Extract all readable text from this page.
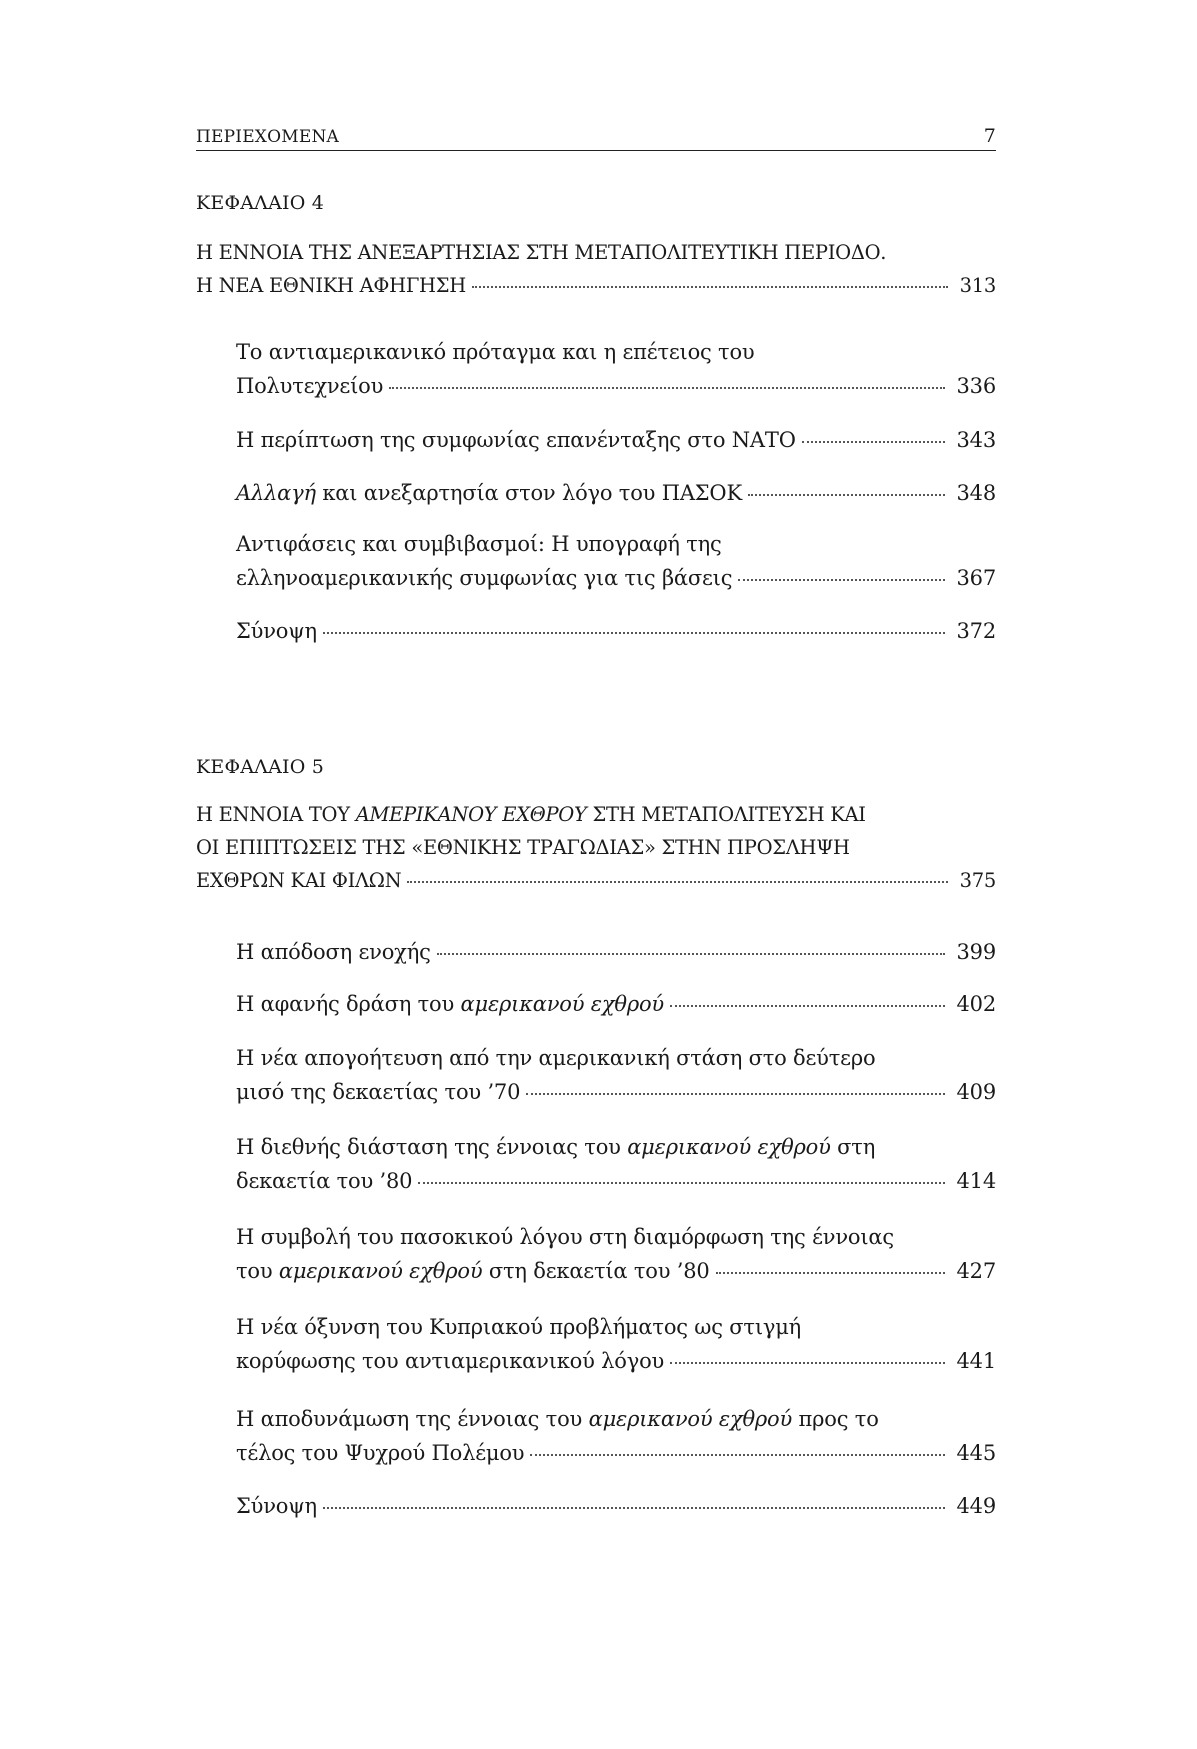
ΠΕΡΙΕΧΟΜΕΝΑ	7
ΚΕΦΑΛΑΙΟ 4
Η ΕΝΝΟΙΑ ΤΗΣ ΑΝΕΞΑΡΤΗΣΙΑΣ ΣΤΗ ΜΕΤΑΠΟΛΙΤΕΥΤΙΚΗ ΠΕΡΙΟΔΟ.
Η ΝΕΑ ΕΘΝΙΚΗ ΑΦΗΓΗΣΗ	313
Το αντιαμερικανικό πρόταγμα και η επέτειος του
Πολυτεχνείου	336
Η περίπτωση της συμφωνίας επανένταξης στο ΝΑΤΟ	343
Αλλαγή και ανεξαρτησία στον λόγο του ΠΑΣΟΚ	348
Αντιφάσεις και συμβιβασμοί: Η υπογραφή της
ελληνοαμερικανικής συμφωνίας για τις βάσεις	367
Σύνοψη	372
ΚΕΦΑΛΑΙΟ 5
Η ΕΝΝΟΙΑ ΤΟΥ ΑΜΕΡΙΚΑΝΟΥ ΕΧΘΡΟΥ ΣΤΗ ΜΕΤΑΠΟΛΙΤΕΥΣΗ ΚΑΙ
ΟΙ ΕΠΙΠΤΩΣΕΙΣ ΤΗΣ «ΕΘΝΙΚΗΣ ΤΡΑΓΩΔΙΑΣ» ΣΤΗΝ ΠΡΟΣΛΗΨΗ
ΕΧΘΡΩΝ ΚΑΙ ΦΙΛΩΝ	375
Η απόδοση ενοχής	399
Η αφανής δράση του αμερικανού εχθρού	402
Η νέα απογοήτευση από την αμερικανική στάση στο δεύτερο
μισό της δεκαετίας του ’70	409
Η διεθνής διάσταση της έννοιας του αμερικανού εχθρού στη
δεκαετία του ’80	414
Η συμβολή του πασοκικού λόγου στη διαμόρφωση της έννοιας
του αμερικανού εχθρού στη δεκαετία του ’80	427
Η νέα όξυνση του Κυπριακού προβλήματος ως στιγμή
κορύφωσης του αντιαμερικανικού λόγου	441
Η αποδυνάμωση της έννοιας του αμερικανού εχθρού προς το
τέλος του Ψυχρού Πολέμου	445
Σύνοψη	449
